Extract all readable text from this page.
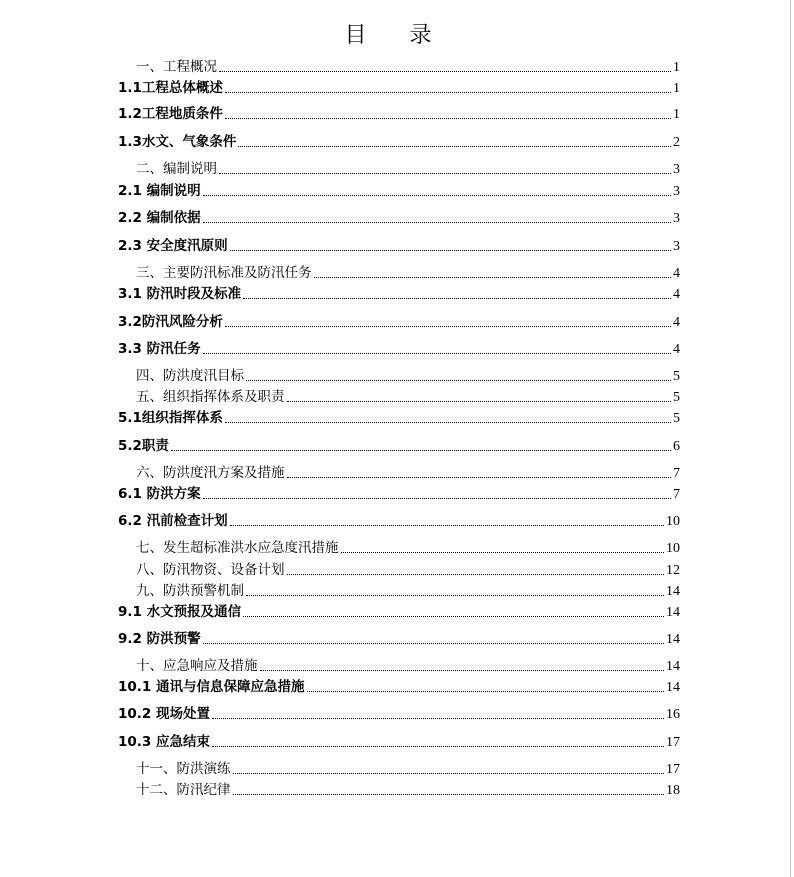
目 录
一、工程概况	1
1.1工程总体概述	1
1.2工程地质条件	1
1.3水文、气象条件	2
二、编制说明	3
2.1 编制说明	3
2.2 编制依据	3
2.3 安全度汛原则	3
三、主要防汛标准及防汛任务	4
3.1 防汛时段及标准	4
3.2防汛风险分析	4
3.3 防汛任务	4
四、防洪度汛目标	5
五、组织指挥体系及职责	5
5.1组织指挥体系	5
5.2职责	6
六、防洪度汛方案及措施	7
6.1 防洪方案	7
6.2 汛前检查计划	10
七、发生超标准洪水应急度汛措施	10
八、防汛物资、设备计划	12
九、防洪预警机制	14
9.1 水文预报及通信	14
9.2 防洪预警	14
十、应急响应及措施	14
10.1 通讯与信息保障应急措施	14
10.2 现场处置	16
10.3 应急结束	17
十一、防洪演练	17
十二、防汛纪律	18
